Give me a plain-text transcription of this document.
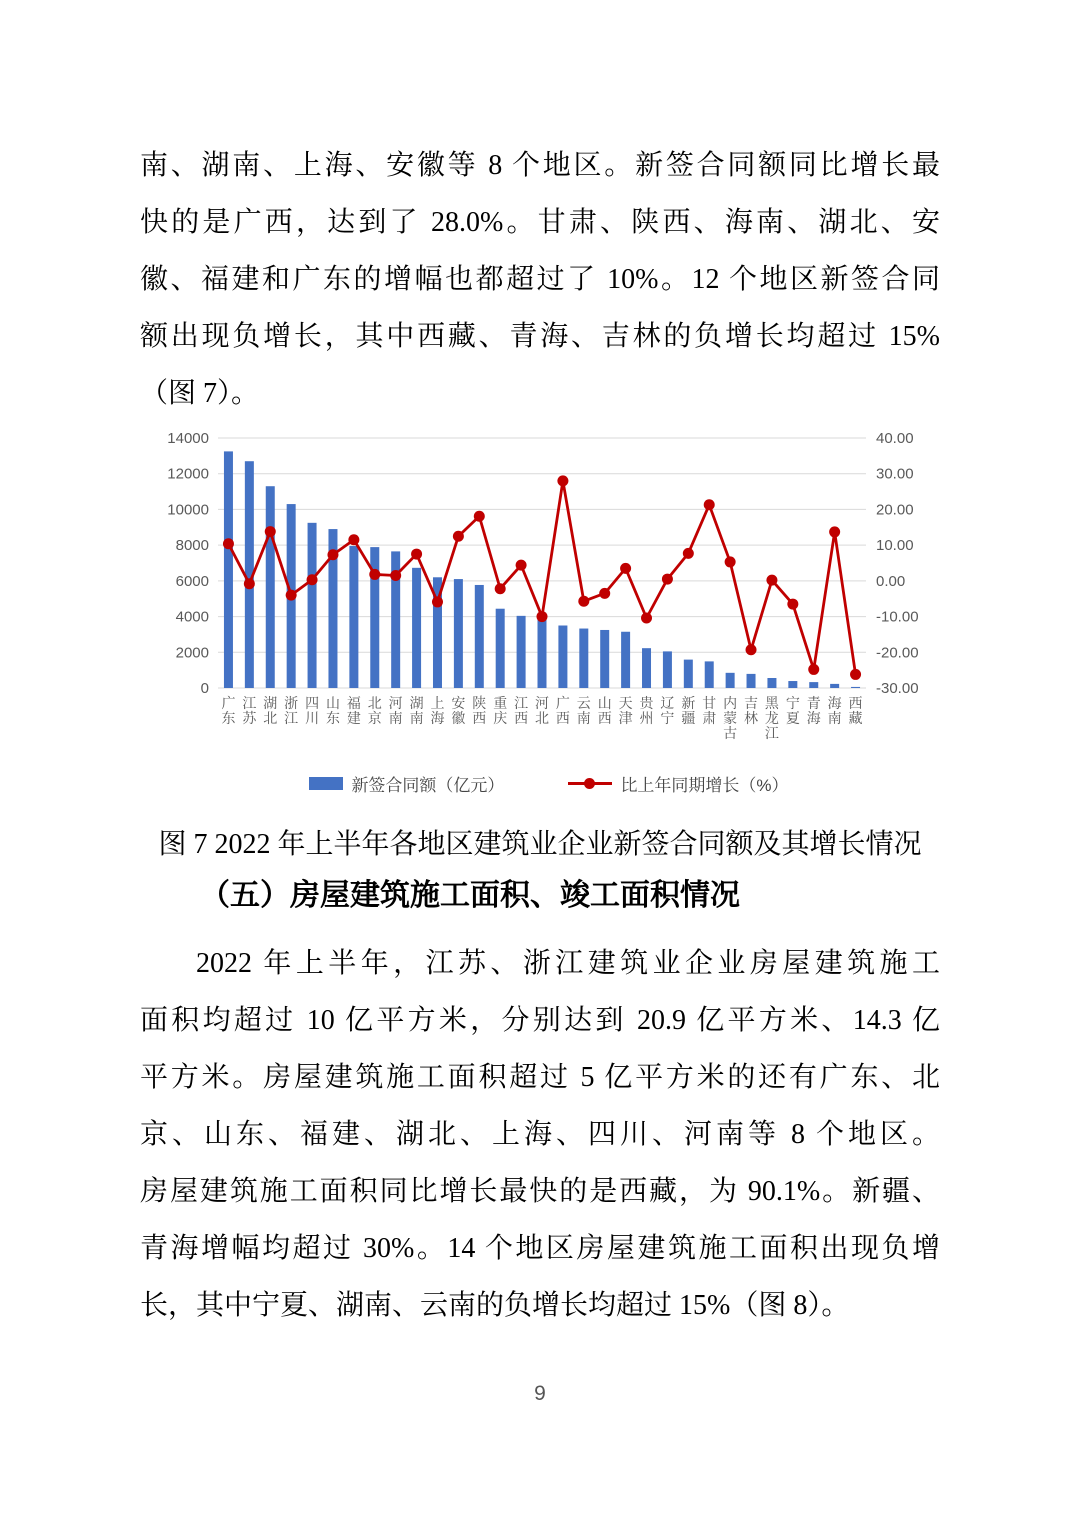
南、湖南、上海、安徽等 8 个地区。新签合同额同比增长最
快的是广西，达到了 28.0%。甘肃、陕西、海南、湖北、安
徽、福建和广东的增幅也都超过了 10%。12 个地区新签合同
额出现负增长，其中西藏、青海、吉林的负增长均超过 15%
（图 7）。
14000
12000
10000
8000
6000
4000
2000
0
40.00
30.00
20.00
10.00
0.00
-10.00
-20.00
-30.00
广东
江苏
湖北
浙江
四川
山东
福建
北京
河南
湖南
上海
安徽
陕西
重庆
江西
河北
广西
云南
山西
天津
贵州
辽宁
新疆
甘肃
内蒙古
吉林
黑龙江
宁夏
青海
海南
西藏
新签合同额（亿元）	比上年同期增长（%）
图 7 2022 年上半年各地区建筑业企业新签合同额及其增长情况
（五）房屋建筑施工面积、竣工面积情况
2022 年上半年，江苏、浙江建筑业企业房屋建筑施工
面积均超过 10 亿平方米，分别达到 20.9 亿平方米、14.3 亿
平方米。房屋建筑施工面积超过 5 亿平方米的还有广东、北
京、山东、福建、湖北、上海、四川、河南等 8 个地区。
房屋建筑施工面积同比增长最快的是西藏，为 90.1%。新疆、
青海增幅均超过 30%。14 个地区房屋建筑施工面积出现负增
长，其中宁夏、湖南、云南的负增长均超过 15%（图 8）。
9
